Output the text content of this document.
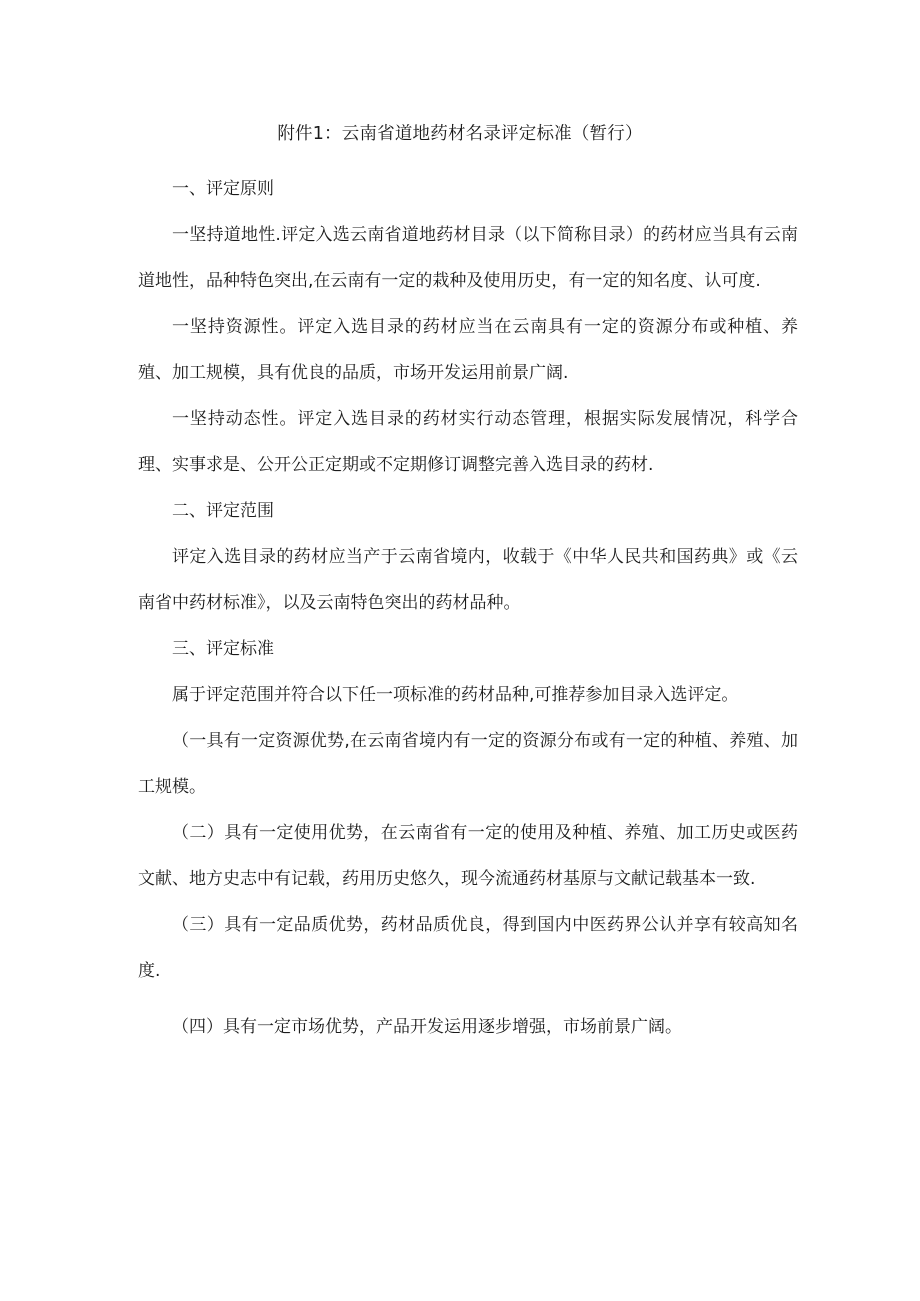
附件1：云南省道地药材名录评定标准（暂行）

一、评定原则

一坚持道地性.评定入选云南省道地药材目录（以下简称目录）的药材应当具有云南道地性，品种特色突出,在云南有一定的栽种及使用历史，有一定的知名度、认可度.

一坚持资源性。评定入选目录的药材应当在云南具有一定的资源分布或种植、养殖、加工规模，具有优良的品质，市场开发运用前景广阔.

一坚持动态性。评定入选目录的药材实行动态管理，根据实际发展情况，科学合理、实事求是、公开公正定期或不定期修订调整完善入选目录的药材.

二、评定范围

评定入选目录的药材应当产于云南省境内，收载于《中华人民共和国药典》或《云南省中药材标准》，以及云南特色突出的药材品种。

三、评定标准

属于评定范围并符合以下任一项标准的药材品种,可推荐参加目录入选评定。

（一具有一定资源优势,在云南省境内有一定的资源分布或有一定的种植、养殖、加工规模。

（二）具有一定使用优势，在云南省有一定的使用及种植、养殖、加工历史或医药文献、地方史志中有记载，药用历史悠久，现今流通药材基原与文献记载基本一致.

（三）具有一定品质优势，药材品质优良，得到国内中医药界公认并享有较高知名度.

（四）具有一定市场优势，产品开发运用逐步增强，市场前景广阔。
